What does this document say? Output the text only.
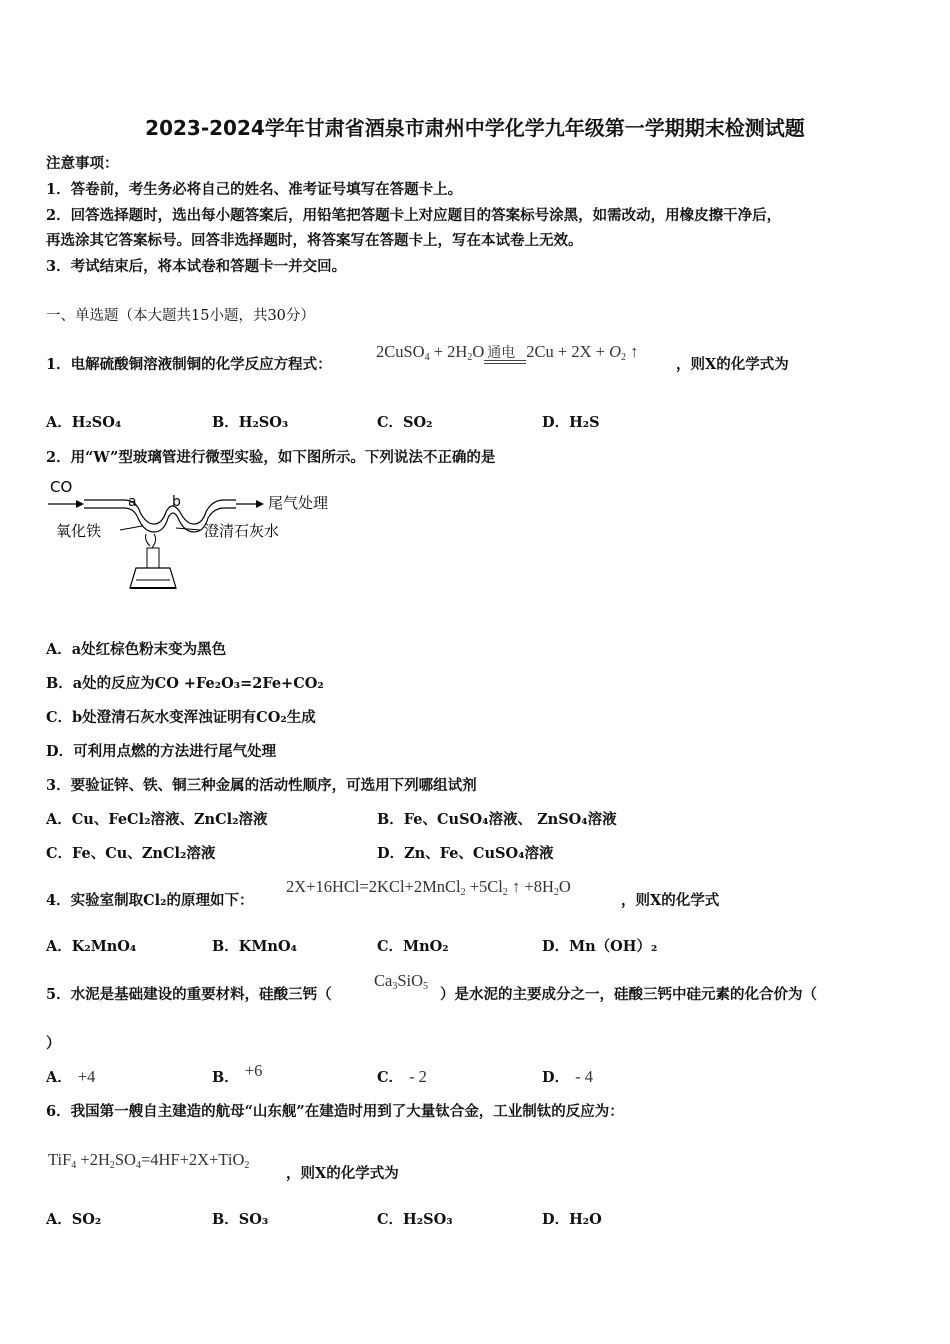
2023-2024学年甘肃省酒泉市肃州中学化学九年级第一学期期末检测试题
注意事项：
1．答卷前，考生务必将自己的姓名、准考证号填写在答题卡上。
2．回答选择题时，选出每小题答案后，用铅笔把答题卡上对应题目的答案标号涂黑，如需改动，用橡皮擦干净后，
再选涂其它答案标号。回答非选择题时，将答案写在答题卡上，写在本试卷上无效。
3．考试结束后，将本试卷和答题卡一并交回。
一、单选题（本大题共15小题，共30分）
1．电解硫酸铜溶液制铜的化学反应方程式：
2CuSO$_4$ + $2H_2O$ 通电 $2Cu + 2X + O_2$ ↑
，则X的化学式为
A．H₂SO₄	B．H₂SO₃	C．SO₂	D．H₂S
2．用“W”型玻璃管进行微型实验，如下图所示。下列说法不正确的是
CO
a	b	尾气处理
氧化铁	澄清石灰水
A．a处红棕色粉末变为黑色
B．a处的反应为CO +Fe₂O₃=2Fe+CO₂
C．b处澄清石灰水变浑浊证明有CO₂生成
D．可利用点燃的方法进行尾气处理
3．要验证锌、铁、铜三种金属的活动性顺序，可选用下列哪组试剂
A．Cu、FeCl₂溶液、ZnCl₂溶液	B．Fe、CuSO₄溶液、 ZnSO₄溶液
C．Fe、Cu、ZnCl₂溶液	D．Zn、Fe、CuSO₄溶液
4．实验室制取Cl₂的原理如下：
2X+16HCl=2KCl+2MnCl$_2$ $+5Cl_2$ ↑ $+8H_2O$
，则X的化学式
A．K₂MnO₄	B．KMnO₄	C．MnO₂	D．Mn（OH）₂
5．水泥是基础建设的重要材料，硅酸三钙（
$Ca_3SiO_5$ ）是水泥的主要成分之一，硅酸三钙中硅元素的化合价为（
）
A． +4	B． +6	C． - 2	D． - 4
6．我国第一艘自主建造的航母“山东舰”在建造时用到了大量钛合金，工业制钛的反应为：
$TiF_4 +2H_2SO_4=4HF+2X+TiO_2$	，则X的化学式为
A．SO₂	B．SO₃	C．H₂SO₃	D．H₂O
